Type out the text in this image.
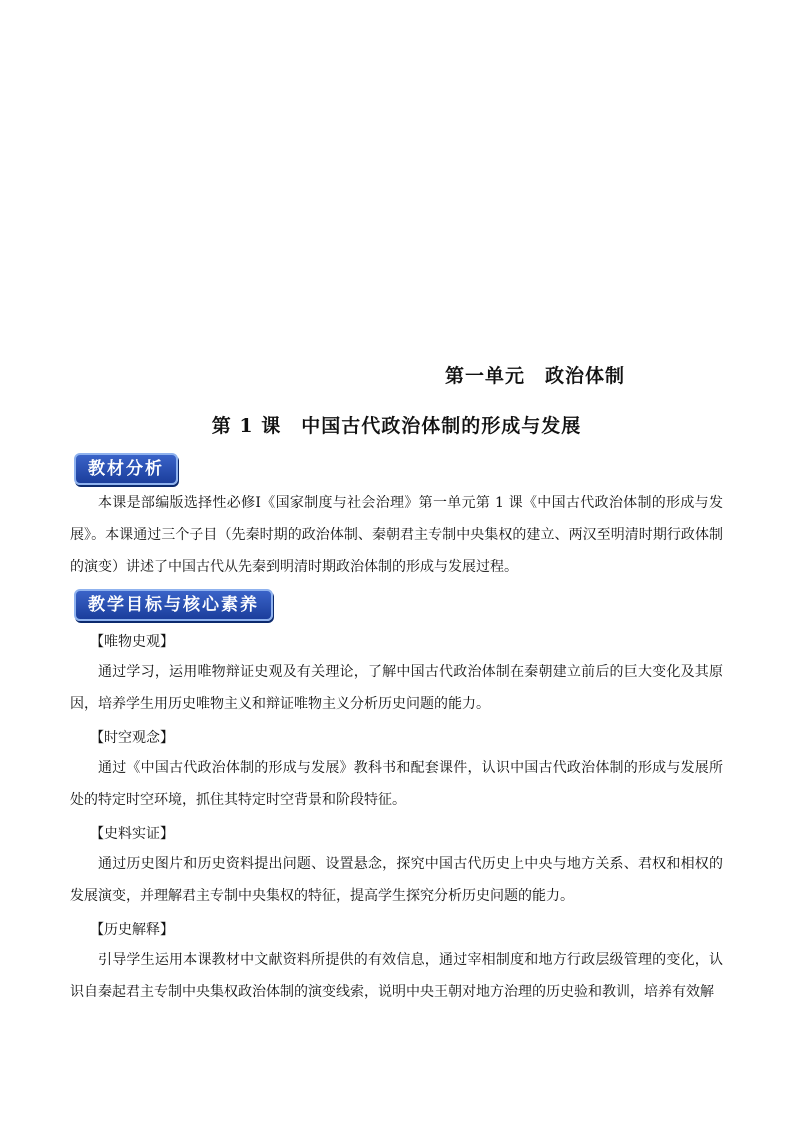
第一单元　政治体制
第 1 课　中国古代政治体制的形成与发展
教材分析
本课是部编版选择性必修Ⅰ《国家制度与社会治理》第一单元第 1 课《中国古代政治体制的形成与发展》。本课通过三个子目（先秦时期的政治体制、秦朝君主专制中央集权的建立、两汉至明清时期行政体制的演变）讲述了中国古代从先秦到明清时期政治体制的形成与发展过程。
教学目标与核心素养
【唯物史观】
通过学习，运用唯物辩证史观及有关理论，了解中国古代政治体制在秦朝建立前后的巨大变化及其原因，培养学生用历史唯物主义和辩证唯物主义分析历史问题的能力。
【时空观念】
通过《中国古代政治体制的形成与发展》教科书和配套课件，认识中国古代政治体制的形成与发展所处的特定时空环境，抓住其特定时空背景和阶段特征。
【史料实证】
通过历史图片和历史资料提出问题、设置悬念，探究中国古代历史上中央与地方关系、君权和相权的发展演变，并理解君主专制中央集权的特征，提高学生探究分析历史问题的能力。
【历史解释】
引导学生运用本课教材中文献资料所提供的有效信息，通过宰相制度和地方行政层级管理的变化，认识自秦起君主专制中央集权政治体制的演变线索，说明中央王朝对地方治理的历史验和教训，培养有效解
